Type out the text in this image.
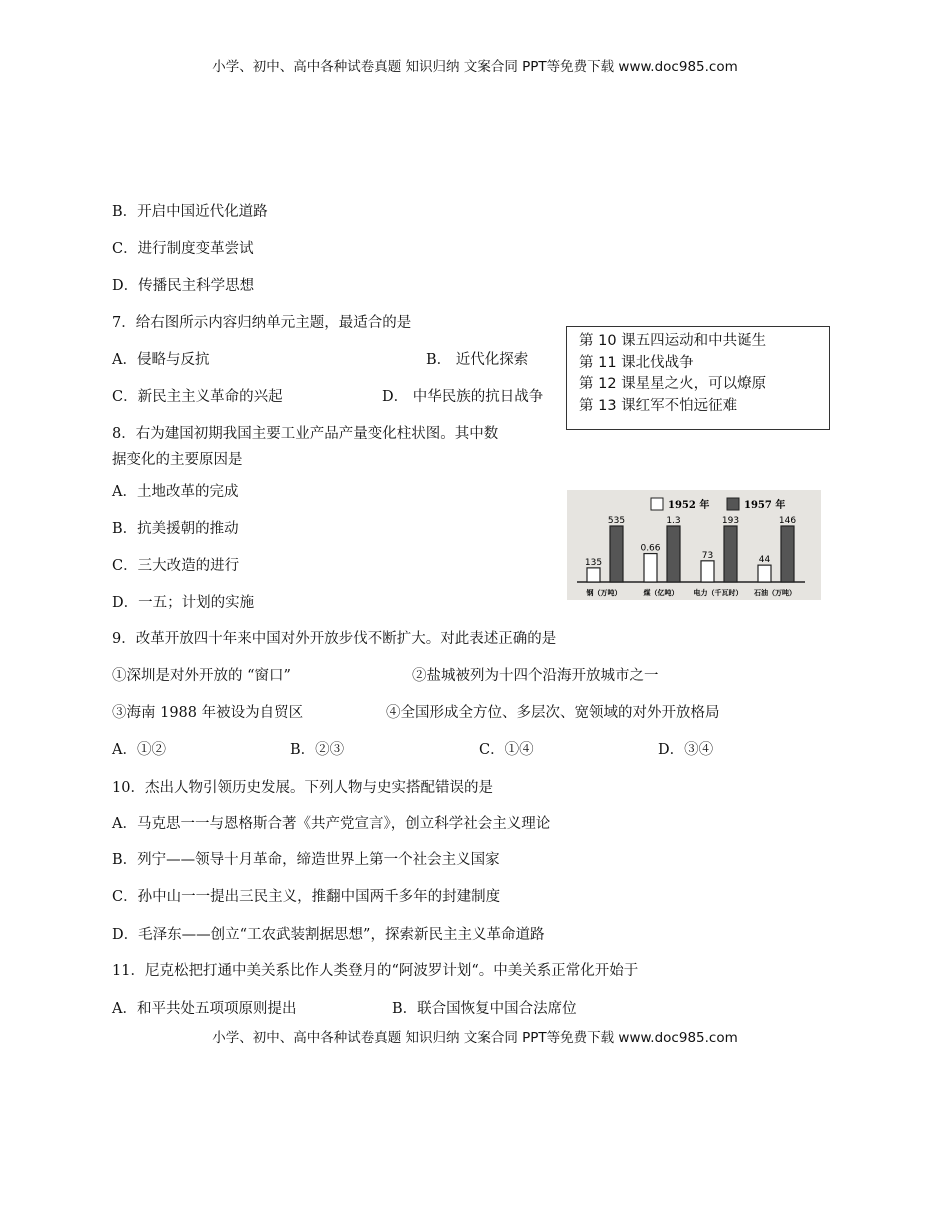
小学、初中、高中各种试卷真题 知识归纳 文案合同 PPT等免费下载 www.doc985.com
B．开启中国近代化道路
C．进行制度变革尝试
D．传播民主科学思想
7．给右图所示内容归纳单元主题，最适合的是
A．侵略与反抗	B． 近代化探索
C．新民主主义革命的兴起	D． 中华民族的抗日战争
第 10 课五四运动和中共诞生
第 11 课北伐战争
第 12 课星星之火，可以燎原
第 13 课红军不怕远征难
8．右为建国初期我国主要工业产品产量变化柱状图。其中数
据变化的主要原因是
A．土地改革的完成
B．抗美援朝的推动
C．三大改造的进行
D．一五；计划的实施
1952 年	1957 年
135
535
钢（万吨）
0.66
1.3
煤（亿吨）
73
193
电力（千瓦时）
44
146
石油（万吨）
9．改革开放四十年来中国对外开放步伐不断扩大。对此表述正确的是
①深圳是对外开放的 “窗口”	②盐城被列为十四个沿海开放城市之一
③海南 1988 年被设为自贸区	④全国形成全方位、多层次、宽领域的对外开放格局
A．①②	B．②③	C．①④	D．③④
10．杰出人物引领历史发展。下列人物与史实搭配错误的是
A．马克思一一与恩格斯合著《共产党宣言》，创立科学社会主义理论
B．列宁——领导十月革命，缔造世界上第一个社会主义国家
C．孙中山一一提出三民主义，推翻中国两千多年的封建制度
D．毛泽东——创立“工农武装割据思想”，探索新民主主义革命道路
11．尼克松把打通中美关系比作人类登月的“阿波罗计划“。中美关系正常化开始于
A．和平共处五项项原则提出	B．联合国恢复中国合法席位
小学、初中、高中各种试卷真题 知识归纳 文案合同 PPT等免费下载 www.doc985.com
